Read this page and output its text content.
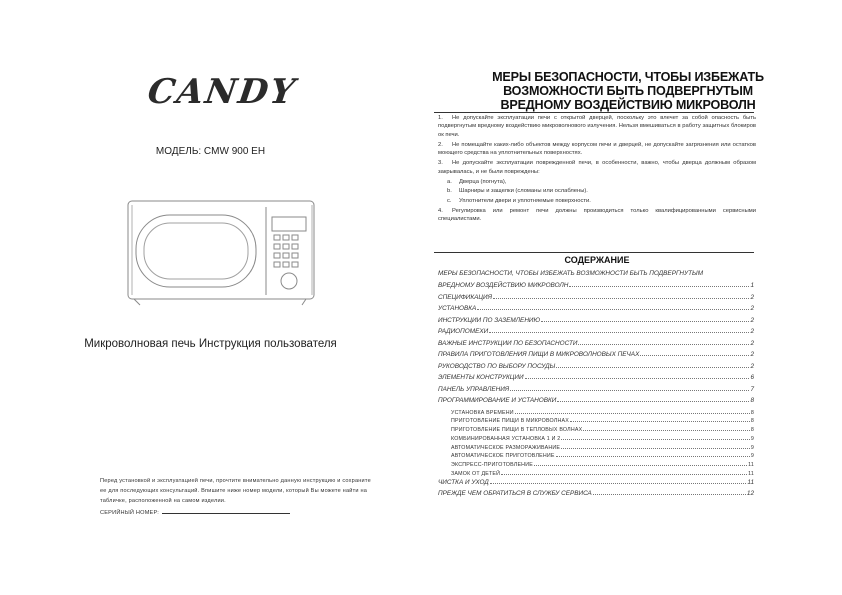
CANDY
МОДЕЛЬ: CMW 900 EH
Микроволновая печь Инструкция пользователя
Перед установкой и эксплуатацией печи, прочтите внимательно данную инструкцию и сохраните ее для последующих консультаций. Впишите ниже номер модели, который Вы можете найти на табличке, расположенной на самом изделии.
СЕРИЙНЫЙ НОМЕР:
МЕРЫ БЕЗОПАСНОСТИ, ЧТОБЫ ИЗБЕЖАТЬ
ВОЗМОЖНОСТИ БЫТЬ ПОДВЕРГНУТЫМ
ВРЕДНОМУ ВОЗДЕЙСТВИЮ МИКРОВОЛН

1. Не допускайте эксплуатации печи с открытой дверцей, поскольку это влечет за собой опасность быть подвергнутым вредному воздействию микроволнового излучения. Нельзя вмешиваться в работу защитных блокиров ок печи.

2. Не помещайте каких-либо объектов между корпусом печи и дверцей, не допускайте загрязнения или остатков моющего средства на уплотнительных поверхностях.

3. Не допускайте эксплуатации поврежденной печи, в особенности, важно, чтобы дверца должным образом закрывалась, и не были повреждены:

a. Дверца (погнута),

b. Шарниры и защелки (сломаны или ослаблены).

c. Уплотнители двери и уплотняемые поверхности.

4. Регулировка или ремонт печи должны производиться только квалифицированными сервисными специалистами.

СОДЕРЖАНИЕ
МЕРЫ БЕЗОПАСНОСТИ, ЧТОБЫ ИЗБЕЖАТЬ ВОЗМОЖНОСТИ БЫТЬ ПОДВЕРГНУТЫМ
ВРЕДНОМУ ВОЗДЕЙСТВИЮ МИКРОВОЛН	1
СПЕЦИФИКАЦИЯ	2
УСТАНОВКА	2
ИНСТРУКЦИИ ПО ЗАЗЕМЛЕНИЮ	2
РАДИОПОМЕХИ	2
ВАЖНЫЕ ИНСТРУКЦИИ ПО БЕЗОПАСНОСТИ	2
ПРАВИЛА ПРИГОТОВЛЕНИЯ ПИЩИ В МИКРОВОЛНОВЫХ ПЕЧАХ	2
РУКОВОДСТВО ПО ВЫБОРУ ПОСУДЫ	2
ЭЛЕМЕНТЫ КОНСТРУКЦИИ	6
ПАНЕЛЬ УПРАВЛЕНИЯ	7
ПРОГРАММИРОВАНИЕ И УСТАНОВКИ	8
УСТАНОВКА ВРЕМЕНИ	8
ПРИГОТОВЛЕНИЕ ПИЩИ В МИКРОВОЛНАХ	8
ПРИГОТОВЛЕНИЕ ПИЩИ В ТЕПЛОВЫХ ВОЛНАХ	8
КОМБИНИРОВАННАЯ УСТАНОВКА 1 И 2	9
АВТОМАТИЧЕСКОЕ РАЗМОРАЖИВАНИЕ	9
АВТОМАТИЧЕСКОЕ ПРИГОТОВЛЕНИЕ	9
ЭКСПРЕСС-ПРИГОТОВЛЕНИЕ	11
ЗАМОК ОТ ДЕТЕЙ	11
ЧИСТКА И УХОД	11
ПРЕЖДЕ ЧЕМ ОБРАТИТЬСЯ В СЛУЖБУ СЕРВИСА	12
